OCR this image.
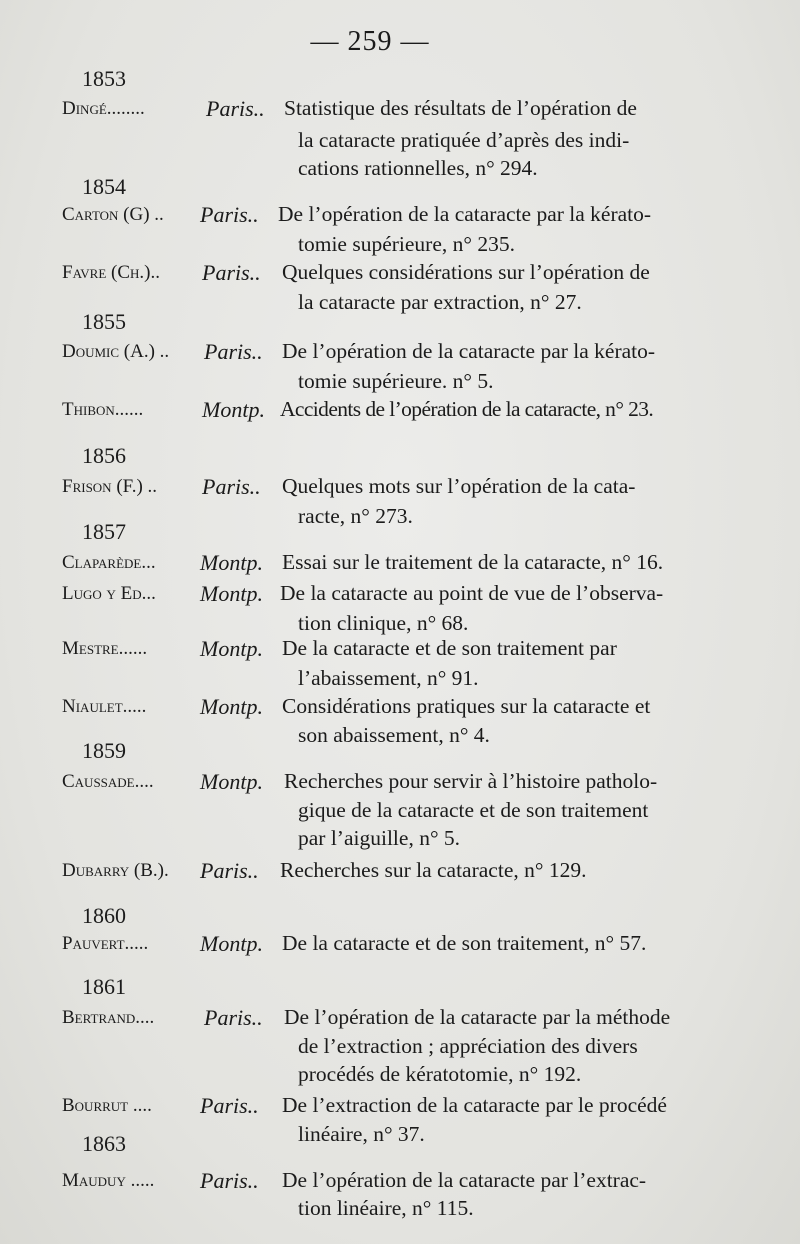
— 259 —
1853
1854
1855
1856
1857
1859
1860
1861
1863
Dingé........	Paris.. Statistique des résultats de l’opération de
la cataracte pratiquée d’après des indi-
cations rationnelles, n° 294.
Carton (G) .. Paris.. De l’opération de la cataracte par la kérato-
tomie supérieure, n° 235.
Favre (Ch.).. Paris.. Quelques considérations sur l’opération de
la cataracte par extraction, n° 27.
Doumic (A.) .. Paris.. De l’opération de la cataracte par la kérato-
tomie supérieure. n° 5.
Thibon......	Montp. Accidents de l’opération de la cataracte, n° 23.
Frison (F.) .. Paris.. Quelques mots sur l’opération de la cata-
racte, n° 273.
Claparède... Montp. Essai sur le traitement de la cataracte, n° 16.
Lugo y Ed... Montp. De la cataracte au point de vue de l’observa-
tion clinique, n° 68.
Mestre...... Montp. De la cataracte et de son traitement par
l’abaissement, n° 91.
Niaulet..... Montp. Considérations pratiques sur la cataracte et
son abaissement, n° 4.
Caussade.... Montp. Recherches pour servir à l’histoire patholo-
gique de la cataracte et de son traitement
par l’aiguille, n° 5.
Dubarry (B.). Paris.. Recherches sur la cataracte, n° 129.
Pauvert..... Montp. De la cataracte et de son traitement, n° 57.
Bertrand.... Paris.. De l’opération de la cataracte par la méthode
de l’extraction ; appréciation des divers
procédés de kératotomie, n° 192.
Bourrut .... Paris.. De l’extraction de la cataracte par le procédé
linéaire, n° 37.
Mauduy ..... Paris.. De l’opération de la cataracte par l’extrac-
tion linéaire, n° 115.
